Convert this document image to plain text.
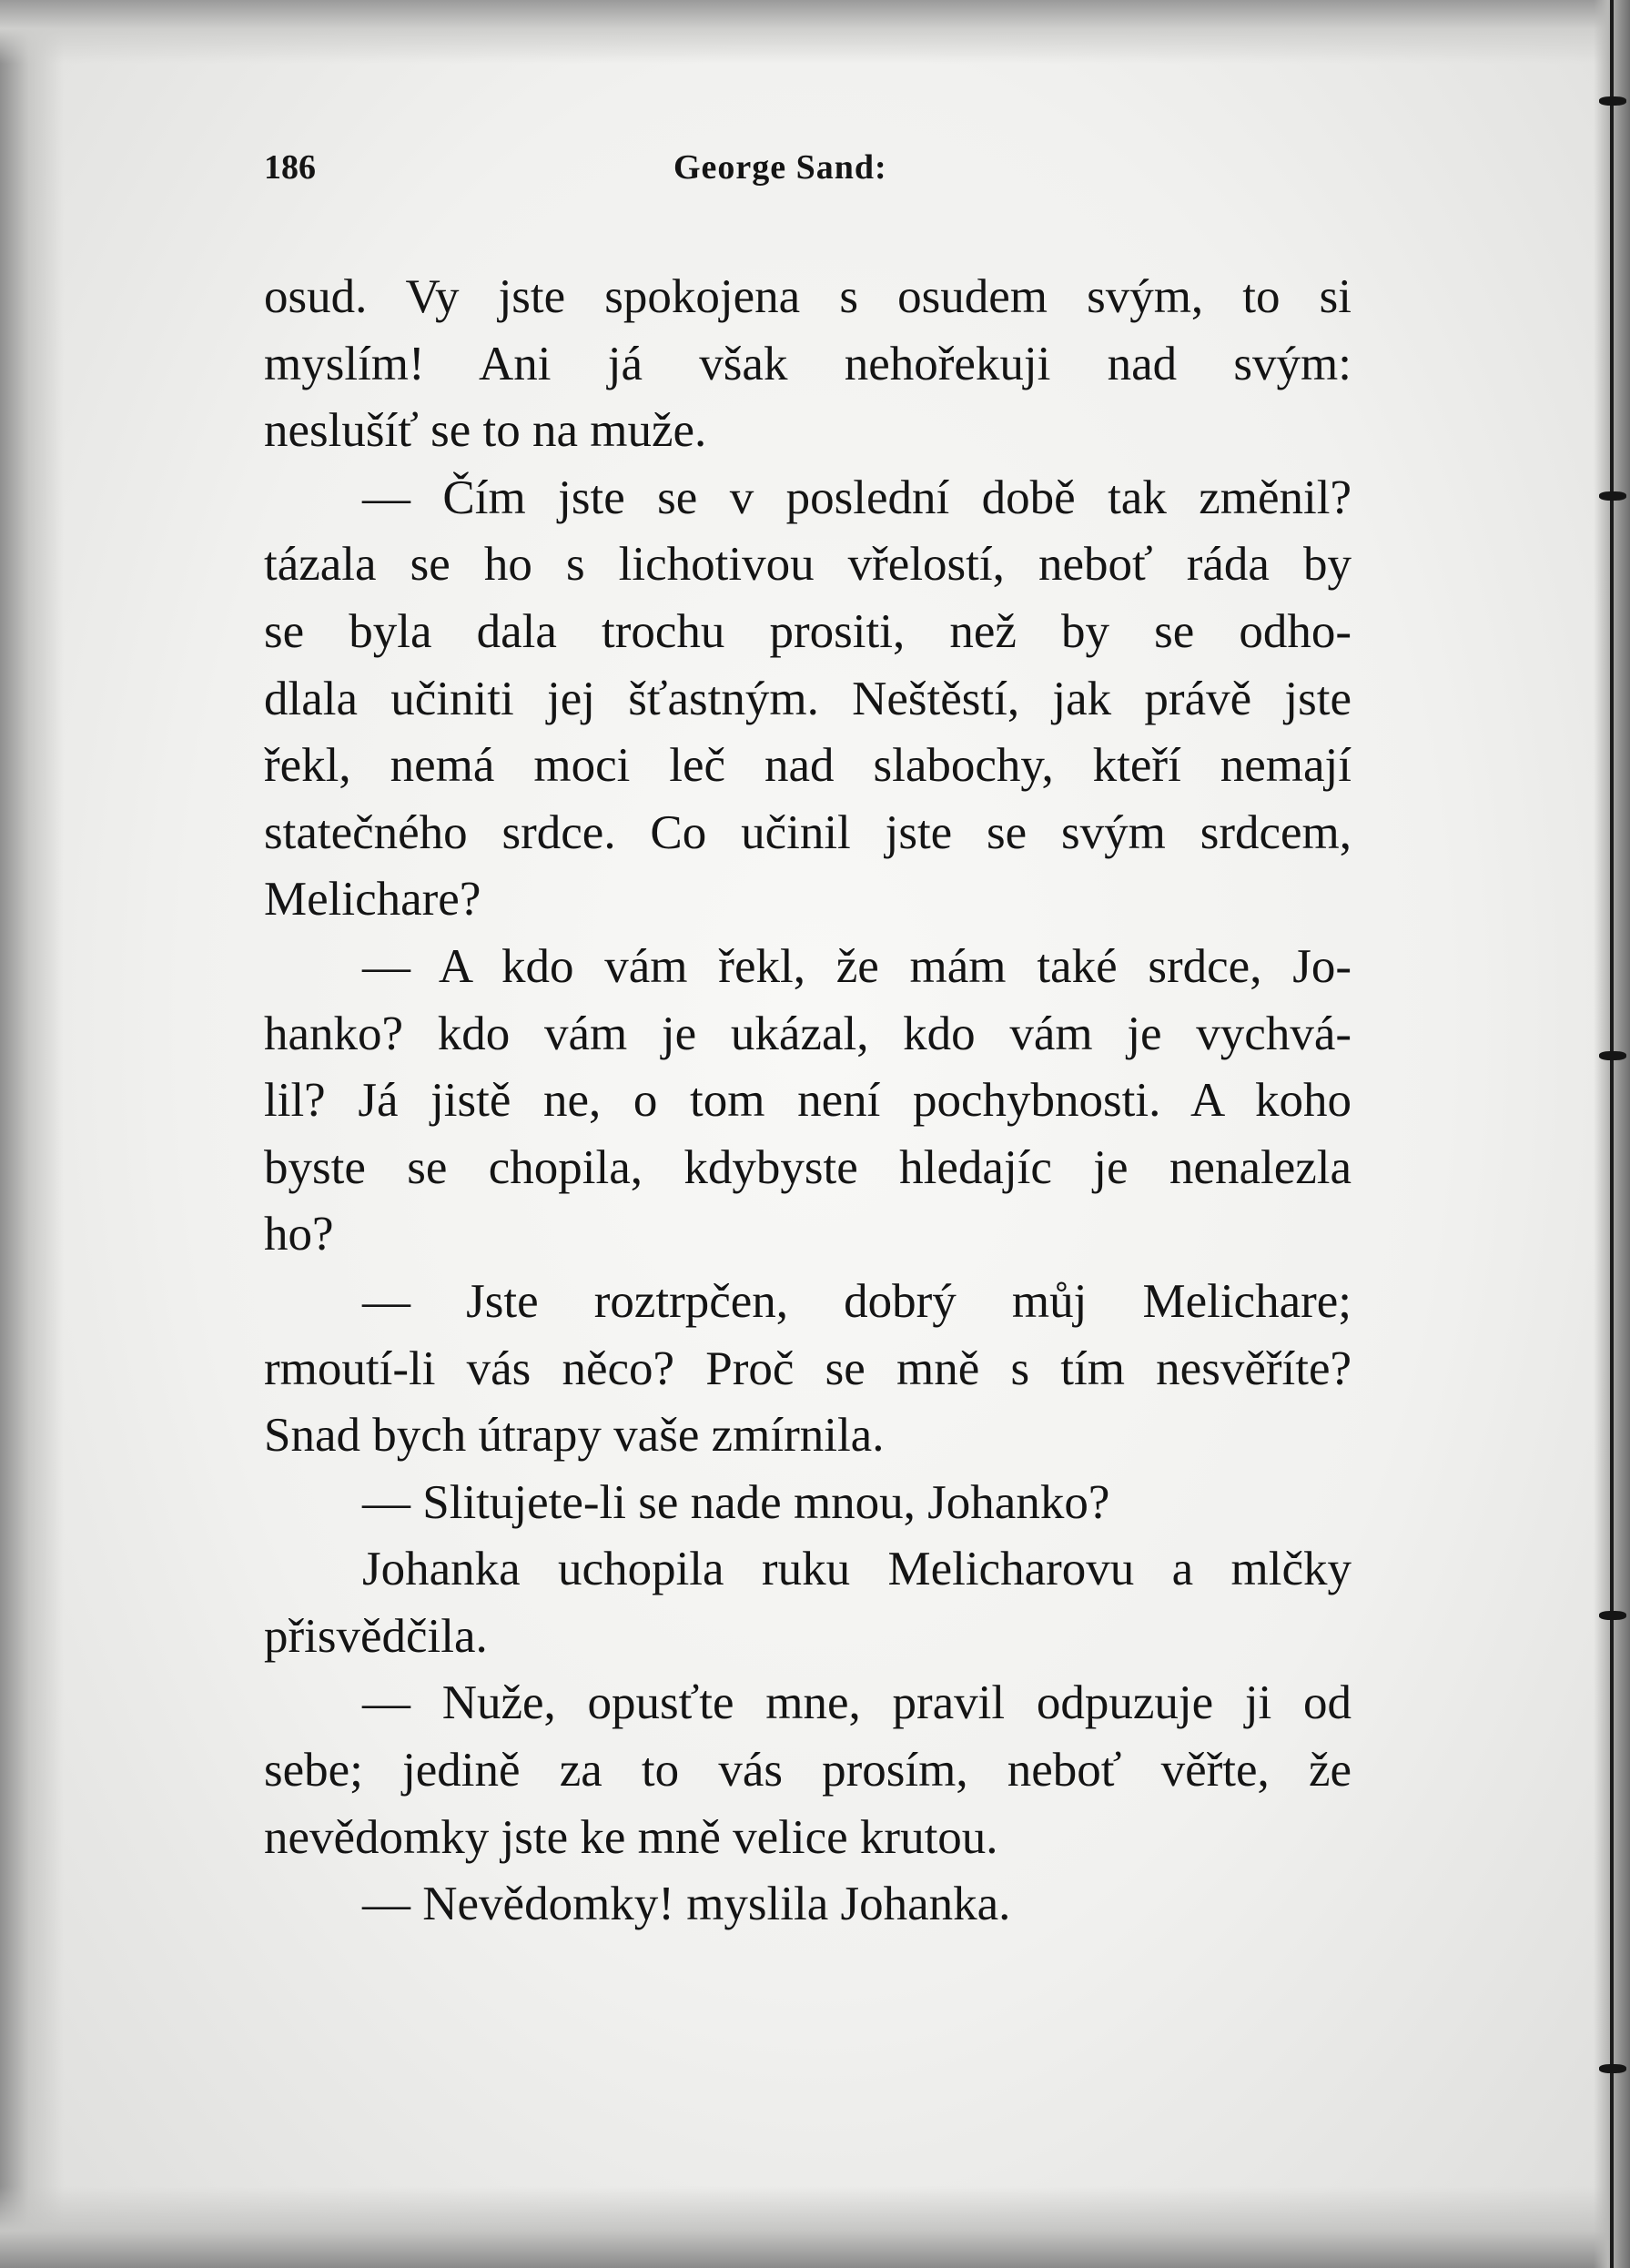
186	George Sand:
osud. Vy jste spokojena s osudem svým, to si
myslím! Ani já však nehořekuji nad svým:
neslušíť se to na muže.
— Čím jste se v poslední době tak změnil?
tázala se ho s lichotivou vřelostí, neboť ráda by
se byla dala trochu prositi, než by se odho-
dlala učiniti jej šťastným. Neštěstí, jak právě jste
řekl, nemá moci leč nad slabochy, kteří nemají
statečného srdce. Co učinil jste se svým srdcem,
Melichare?
— A kdo vám řekl, že mám také srdce, Jo-
hanko? kdo vám je ukázal, kdo vám je vychvá-
lil? Já jistě ne, o tom není pochybnosti. A koho
byste se chopila, kdybyste hledajíc je nenalezla
ho?
— Jste roztrpčen, dobrý můj Melichare;
rmoutí-li vás něco? Proč se mně s tím nesvěříte?
Snad bych útrapy vaše zmírnila.
— Slitujete-li se nade mnou, Johanko?
Johanka uchopila ruku Melicharovu a mlčky
přisvědčila.
— Nuže, opusťte mne, pravil odpuzuje ji od
sebe; jedině za to vás prosím, neboť věřte, že
nevědomky jste ke mně velice krutou.
— Nevědomky! myslila Johanka.
